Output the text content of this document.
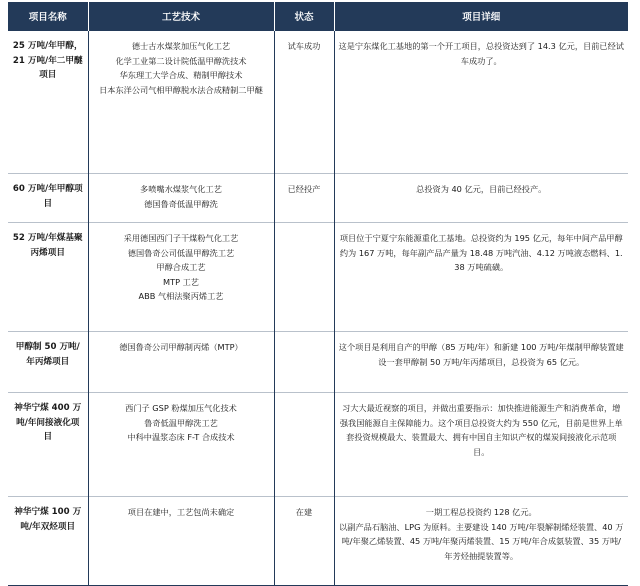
项目名称	工艺技术	状态	项目详细
25 万吨/年甲醇，21 万吨/年二甲醚项目	德士古水煤浆加压气化工艺
化学工业第二设计院低温甲醇洗技术
华东理工大学合成、精制甲醇技术
日本东洋公司气相甲醇脱水法合成精制二甲醚	试车成功	这是宁东煤化工基地的第一个开工项目，总投资达到了 14.3 亿元，目前已经试车成功了。
60 万吨/年甲醇项目	多喷嘴水煤浆气化工艺
德国鲁奇低温甲醇洗	已经投产	总投资为 40 亿元，目前已经投产。
52 万吨/年煤基聚丙烯项目	采用德国西门子干煤粉气化工艺
德国鲁奇公司低温甲醇洗工艺
甲醇合成工艺
MTP 工艺
ABB 气相法聚丙烯工艺		项目位于宁夏宁东能源重化工基地。总投资约为 195 亿元，每年中间产品甲醇约为 167 万吨，每年副产品产量为 18.48 万吨汽油、4.12 万吨液态燃料、1.38 万吨硫磺。
甲醇制 50 万吨/年丙烯项目	德国鲁奇公司甲醇制丙烯（MTP）		这个项目是利用自产的甲醇（85 万吨/年）和新建 100 万吨/年煤制甲醇装置建设一套甲醇制 50 万吨/年丙烯项目，总投资为 65 亿元。
神华宁煤 400 万吨/年间接液化项目	西门子 GSP 粉煤加压气化技术
鲁奇低温甲醇洗工艺
中科中温浆态床 F-T 合成技术		习大大最近视察的项目，并做出重要指示：加快推进能源生产和消费革命，增强我国能源自主保障能力。这个项目总投资大约为 550 亿元，目前是世界上单套投资规模最大、装置最大、拥有中国自主知识产权的煤炭间接液化示范项目。
神华宁煤 100 万吨/年双烃项目	项目在建中，工艺包尚未确定	在建	一期工程总投资约 128 亿元。
以副产品石脑油、LPG 为原料。主要建设 140 万吨/年裂解制烯烃装置、40 万吨/年聚乙烯装置、45 万吨/年聚丙烯装置、15 万吨/年合成氨装置、35 万吨/年芳烃抽提装置等。
